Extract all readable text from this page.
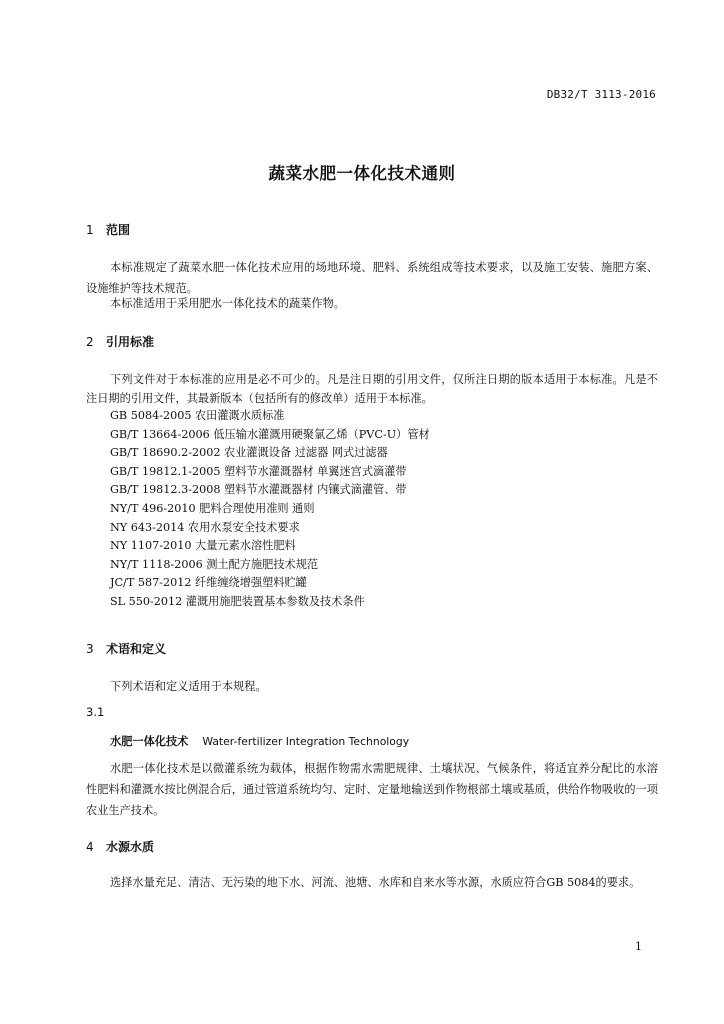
DB32/T 3113-2016
蔬菜水肥一体化技术通则
1 范围
本标准规定了蔬菜水肥一体化技术应用的场地环境、肥料、系统组成等技术要求，以及施工安装、施肥方案、设施维护等技术规范。
本标准适用于采用肥水一体化技术的蔬菜作物。
2 引用标准
下列文件对于本标准的应用是必不可少的。凡是注日期的引用文件，仅所注日期的版本适用于本标准。凡是不注日期的引用文件，其最新版本（包括所有的修改单）适用于本标准。
GB 5084-2005 农田灌溉水质标准
GB/T 13664-2006 低压输水灌溉用硬聚氯乙烯（PVC-U）管材
GB/T 18690.2-2002 农业灌溉设备 过滤器 网式过滤器
GB/T 19812.1-2005 塑料节水灌溉器材 单翼迷宫式滴灌带
GB/T 19812.3-2008 塑料节水灌溉器材 内镶式滴灌管、带
NY/T 496-2010 肥料合理使用准则 通则
NY 643-2014 农用水泵安全技术要求
NY 1107-2010 大量元素水溶性肥料
NY/T 1118-2006 测土配方施肥技术规范
JC/T 587-2012 纤维缠绕增强塑料贮罐
SL 550-2012 灌溉用施肥装置基本参数及技术条件
3 术语和定义
下列术语和定义适用于本规程。
3.1
水肥一体化技术 Water-fertilizer Integration Technology
水肥一体化技术是以微灌系统为载体，根据作物需水需肥规律、土壤状况、气候条件，将适宜养分配比的水溶性肥料和灌溉水按比例混合后，通过管道系统均匀、定时、定量地输送到作物根部土壤或基质，供给作物吸收的一项农业生产技术。
4 水源水质
选择水量充足、清洁、无污染的地下水、河流、池塘、水库和自来水等水源，水质应符合GB 5084的要求。
1
